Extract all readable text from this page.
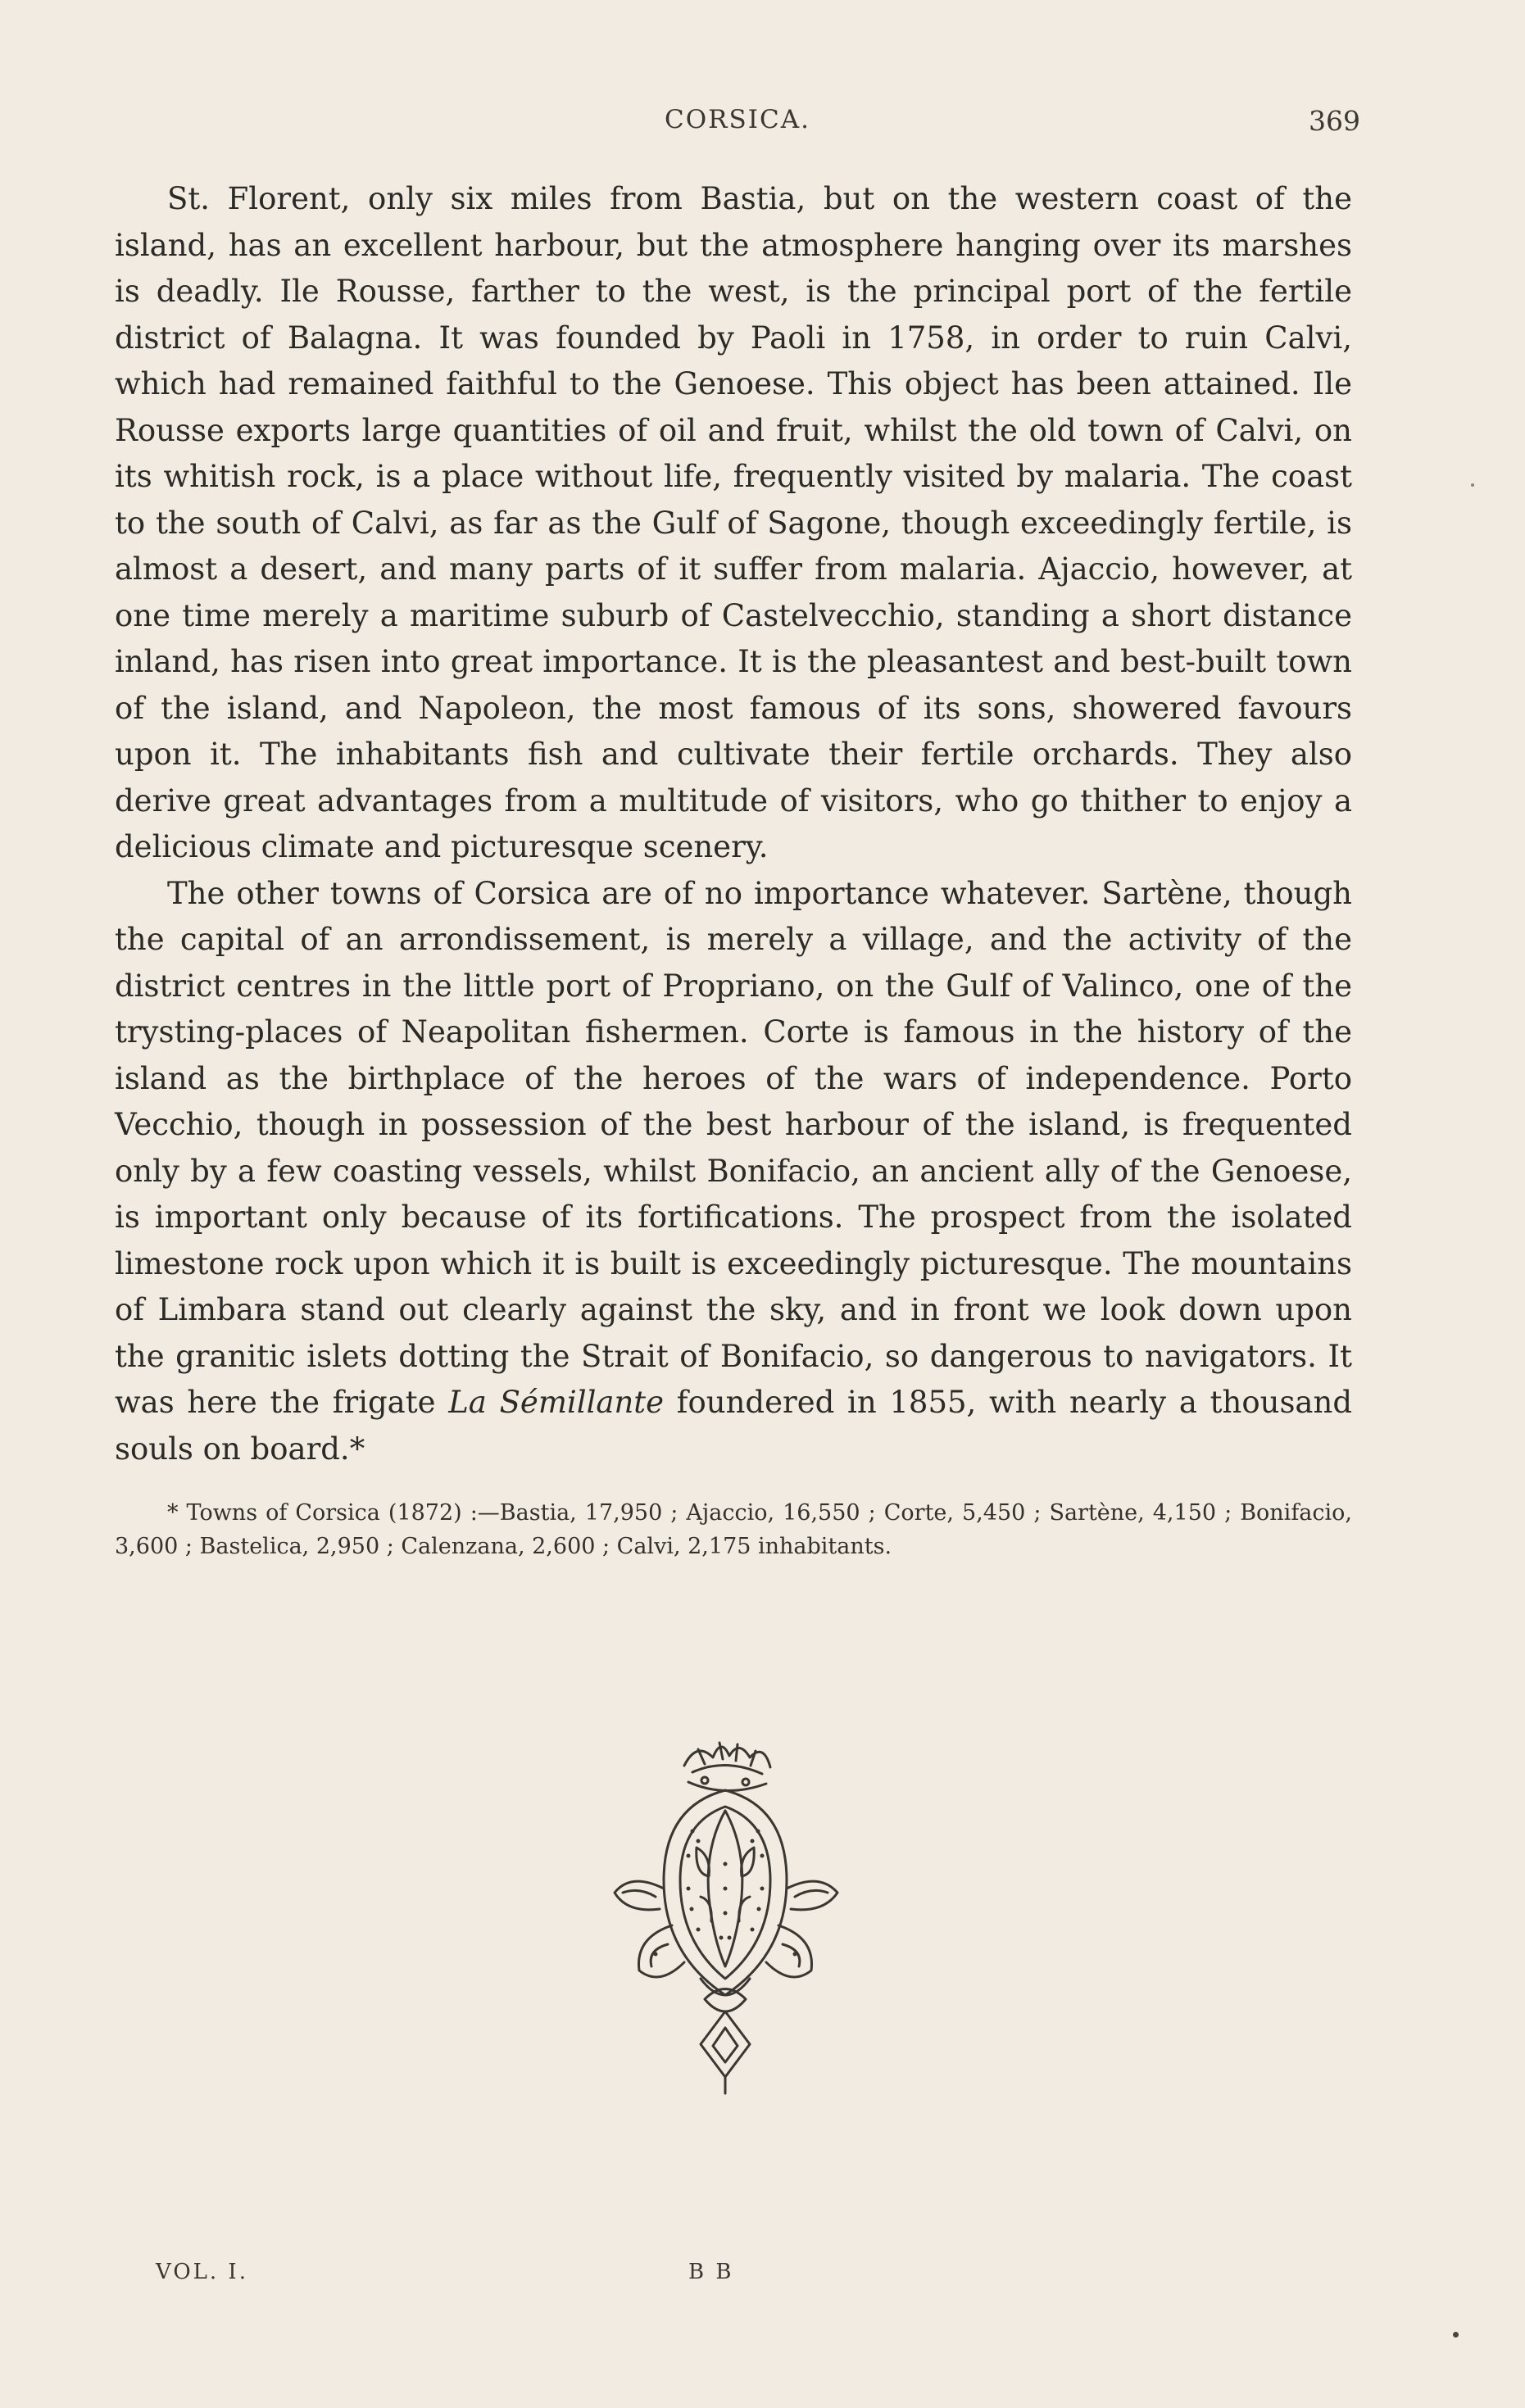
CORSICA.	369

St. Florent, only six miles from Bastia, but on the western coast of the island, has an excellent harbour, but the atmosphere hanging over its marshes is deadly. Ile Rousse, farther to the west, is the principal port of the fertile district of Balagna. It was founded by Paoli in 1758, in order to ruin Calvi, which had remained faithful to the Genoese. This object has been attained. Ile Rousse exports large quantities of oil and fruit, whilst the old town of Calvi, on its whitish rock, is a place without life, frequently visited by malaria. The coast to the south of Calvi, as far as the Gulf of Sagone, though exceedingly fertile, is almost a desert, and many parts of it suffer from malaria. Ajaccio, however, at one time merely a maritime suburb of Castelvecchio, standing a short distance inland, has risen into great importance. It is the pleasantest and best-built town of the island, and Napoleon, the most famous of its sons, showered favours upon it. The inhabitants fish and cultivate their fertile orchards. They also derive great advantages from a multitude of visitors, who go thither to enjoy a delicious climate and picturesque scenery.

The other towns of Corsica are of no importance whatever. Sartène, though the capital of an arrondissement, is merely a village, and the activity of the district centres in the little port of Propriano, on the Gulf of Valinco, one of the trysting-places of Neapolitan fishermen. Corte is famous in the history of the island as the birthplace of the heroes of the wars of independence. Porto Vecchio, though in possession of the best harbour of the island, is frequented only by a few coasting vessels, whilst Bonifacio, an ancient ally of the Genoese, is important only because of its fortifications. The prospect from the isolated limestone rock upon which it is built is exceedingly picturesque. The mountains of Limbara stand out clearly against the sky, and in front we look down upon the granitic islets dotting the Strait of Bonifacio, so dangerous to navigators. It was here the frigate La Sémillante foundered in 1855, with nearly a thousand souls on board.*

* Towns of Corsica (1872) :—Bastia, 17,950 ; Ajaccio, 16,550 ; Corte, 5,450 ; Sartène, 4,150 ; Bonifacio, 3,600 ; Bastelica, 2,950 ; Calenzana, 2,600 ; Calvi, 2,175 inhabitants.
VOL. I.	B B
